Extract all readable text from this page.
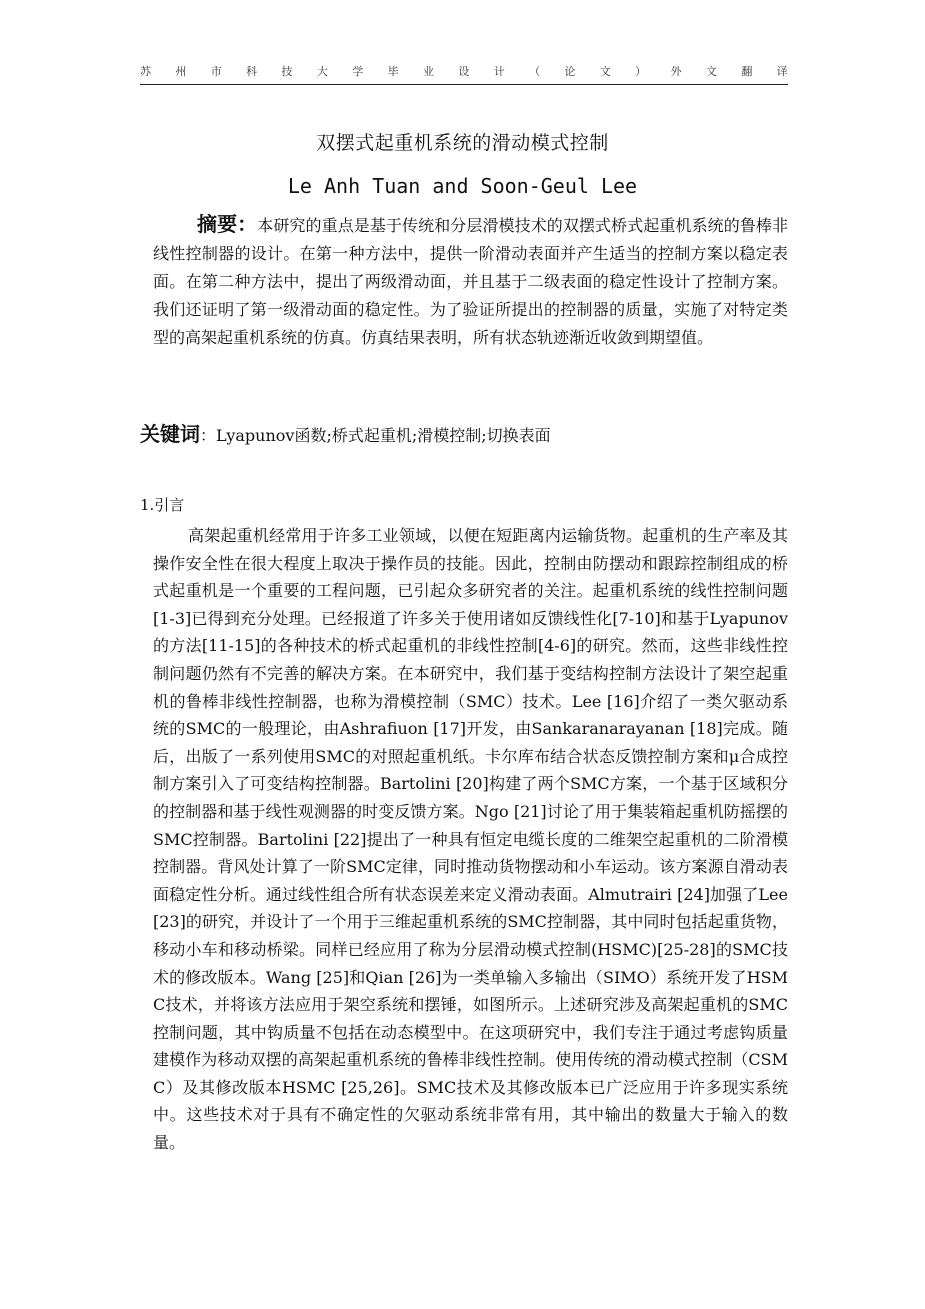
苏 州 市 科 技 大 学 毕 业 设 计 （ 论 文 ） 外 文 翻 译
双摆式起重机系统的滑动模式控制
Le Anh Tuan and Soon-Geul Lee
摘要：本研究的重点是基于传统和分层滑模技术的双摆式桥式起重机系统的鲁棒非线性控制器的设计。在第一种方法中，提供一阶滑动表面并产生适当的控制方案以稳定表面。在第二种方法中，提出了两级滑动面，并且基于二级表面的稳定性设计了控制方案。我们还证明了第一级滑动面的稳定性。为了验证所提出的控制器的质量，实施了对特定类型的高架起重机系统的仿真。仿真结果表明，所有状态轨迹渐近收敛到期望值。
关键词：Lyapunov函数;桥式起重机;滑模控制;切换表面
1.引言
高架起重机经常用于许多工业领域，以便在短距离内运输货物。起重机的生产率及其操作安全性在很大程度上取决于操作员的技能。因此，控制由防摆动和跟踪控制组成的桥式起重机是一个重要的工程问题，已引起众多研究者的关注。起重机系统的线性控制问题[1-3]已得到充分处理。已经报道了许多关于使用诸如反馈线性化[7-10]和基于Lyapunov的方法[11-15]的各种技术的桥式起重机的非线性控制[4-6]的研究。然而，这些非线性控制问题仍然有不完善的解决方案。在本研究中，我们基于变结构控制方法设计了架空起重机的鲁棒非线性控制器，也称为滑模控制（SMC）技术。Lee [16]介绍了一类欠驱动系统的SMC的一般理论，由Ashrafiuon [17]开发，由Sankaranarayanan [18]完成。随后，出版了一系列使用SMC的对照起重机纸。卡尔库布结合状态反馈控制方案和μ合成控制方案引入了可变结构控制器。Bartolini [20]构建了两个SMC方案，一个基于区域积分的控制器和基于线性观测器的时变反馈方案。Ngo [21]讨论了用于集装箱起重机防摇摆的SMC控制器。Bartolini [22]提出了一种具有恒定电缆长度的二维架空起重机的二阶滑模控制器。背风处计算了一阶SMC定律，同时推动货物摆动和小车运动。该方案源自滑动表面稳定性分析。通过线性组合所有状态误差来定义滑动表面。Almutrairi [24]加强了Lee [23]的研究，并设计了一个用于三维起重机系统的SMC控制器，其中同时包括起重货物，移动小车和移动桥梁。同样已经应用了称为分层滑动模式控制(HSMC)[25-28]的SMC技术的修改版本。Wang [25]和Qian [26]为一类单输入多输出（SIMO）系统开发了HSMC技术，并将该方法应用于架空系统和摆锤，如图所示。上述研究涉及高架起重机的SMC控制问题，其中钩质量不包括在动态模型中。在这项研究中，我们专注于通过考虑钩质量建模作为移动双摆的高架起重机系统的鲁棒非线性控制。使用传统的滑动模式控制（CSMC）及其修改版本HSMC [25,26]。SMC技术及其修改版本已广泛应用于许多现实系统中。这些技术对于具有不确定性的欠驱动系统非常有用，其中输出的数量大于输入的数量。
